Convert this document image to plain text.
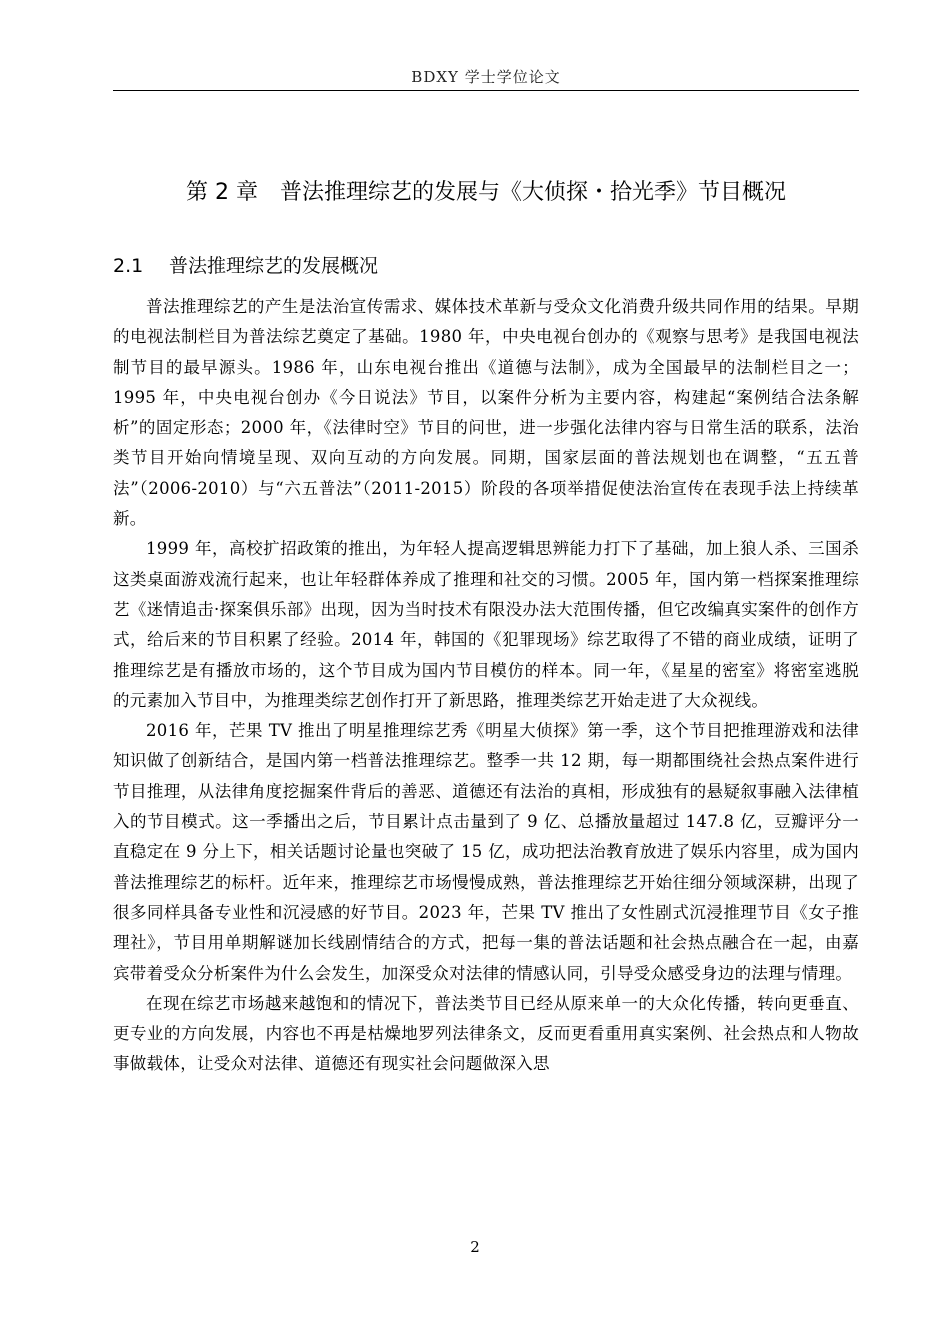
BDXY 学士学位论文
第 2 章　普法推理综艺的发展与《大侦探・拾光季》节目概况
2.1 普法推理综艺的发展概况

普法推理综艺的产生是法治宣传需求、媒体技术革新与受众文化消费升级共同作用的结果。早期的电视法制栏目为普法综艺奠定了基础。1980 年，中央电视台创办的《观察与思考》是我国电视法制节目的最早源头。1986 年，山东电视台推出《道德与法制》，成为全国最早的法制栏目之一；1995 年，中央电视台创办《今日说法》节目，以案件分析为主要内容，构建起“案例结合法条解析”的固定形态；2000 年，《法律时空》节目的问世，进一步强化法律内容与日常生活的联系，法治类节目开始向情境呈现、双向互动的方向发展。同期，国家层面的普法规划也在调整，“五五普法”（2006-2010）与“六五普法”（2011-2015）阶段的各项举措促使法治宣传在表现手法上持续革新。

1999 年，高校扩招政策的推出，为年轻人提高逻辑思辨能力打下了基础，加上狼人杀、三国杀这类桌面游戏流行起来，也让年轻群体养成了推理和社交的习惯。2005 年，国内第一档探案推理综艺《迷情追击·探案俱乐部》出现，因为当时技术有限没办法大范围传播，但它改编真实案件的创作方式，给后来的节目积累了经验。2014 年，韩国的《犯罪现场》综艺取得了不错的商业成绩，证明了推理综艺是有播放市场的，这个节目成为国内节目模仿的样本。同一年，《星星的密室》将密室逃脱的元素加入节目中，为推理类综艺创作打开了新思路，推理类综艺开始走进了大众视线。

2016 年，芒果 TV 推出了明星推理综艺秀《明星大侦探》第一季，这个节目把推理游戏和法律知识做了创新结合，是国内第一档普法推理综艺。整季一共 12 期，每一期都围绕社会热点案件进行节目推理，从法律角度挖掘案件背后的善恶、道德还有法治的真相，形成独有的悬疑叙事融入法律植入的节目模式。这一季播出之后，节目累计点击量到了 9 亿、总播放量超过 147.8 亿，豆瓣评分一直稳定在 9 分上下，相关话题讨论量也突破了 15 亿，成功把法治教育放进了娱乐内容里，成为国内普法推理综艺的标杆。近年来，推理综艺市场慢慢成熟，普法推理综艺开始往细分领域深耕，出现了很多同样具备专业性和沉浸感的好节目。2023 年，芒果 TV 推出了女性剧式沉浸推理节目《女子推理社》，节目用单期解谜加长线剧情结合的方式，把每一集的普法话题和社会热点融合在一起，由嘉宾带着受众分析案件为什么会发生，加深受众对法律的情感认同，引导受众感受身边的法理与情理。

在现在综艺市场越来越饱和的情况下，普法类节目已经从原来单一的大众化传播，转向更垂直、更专业的方向发展，内容也不再是枯燥地罗列法律条文，反而更看重用真实案例、社会热点和人物故事做载体，让受众对法律、道德还有现实社会问题做深入思

2
